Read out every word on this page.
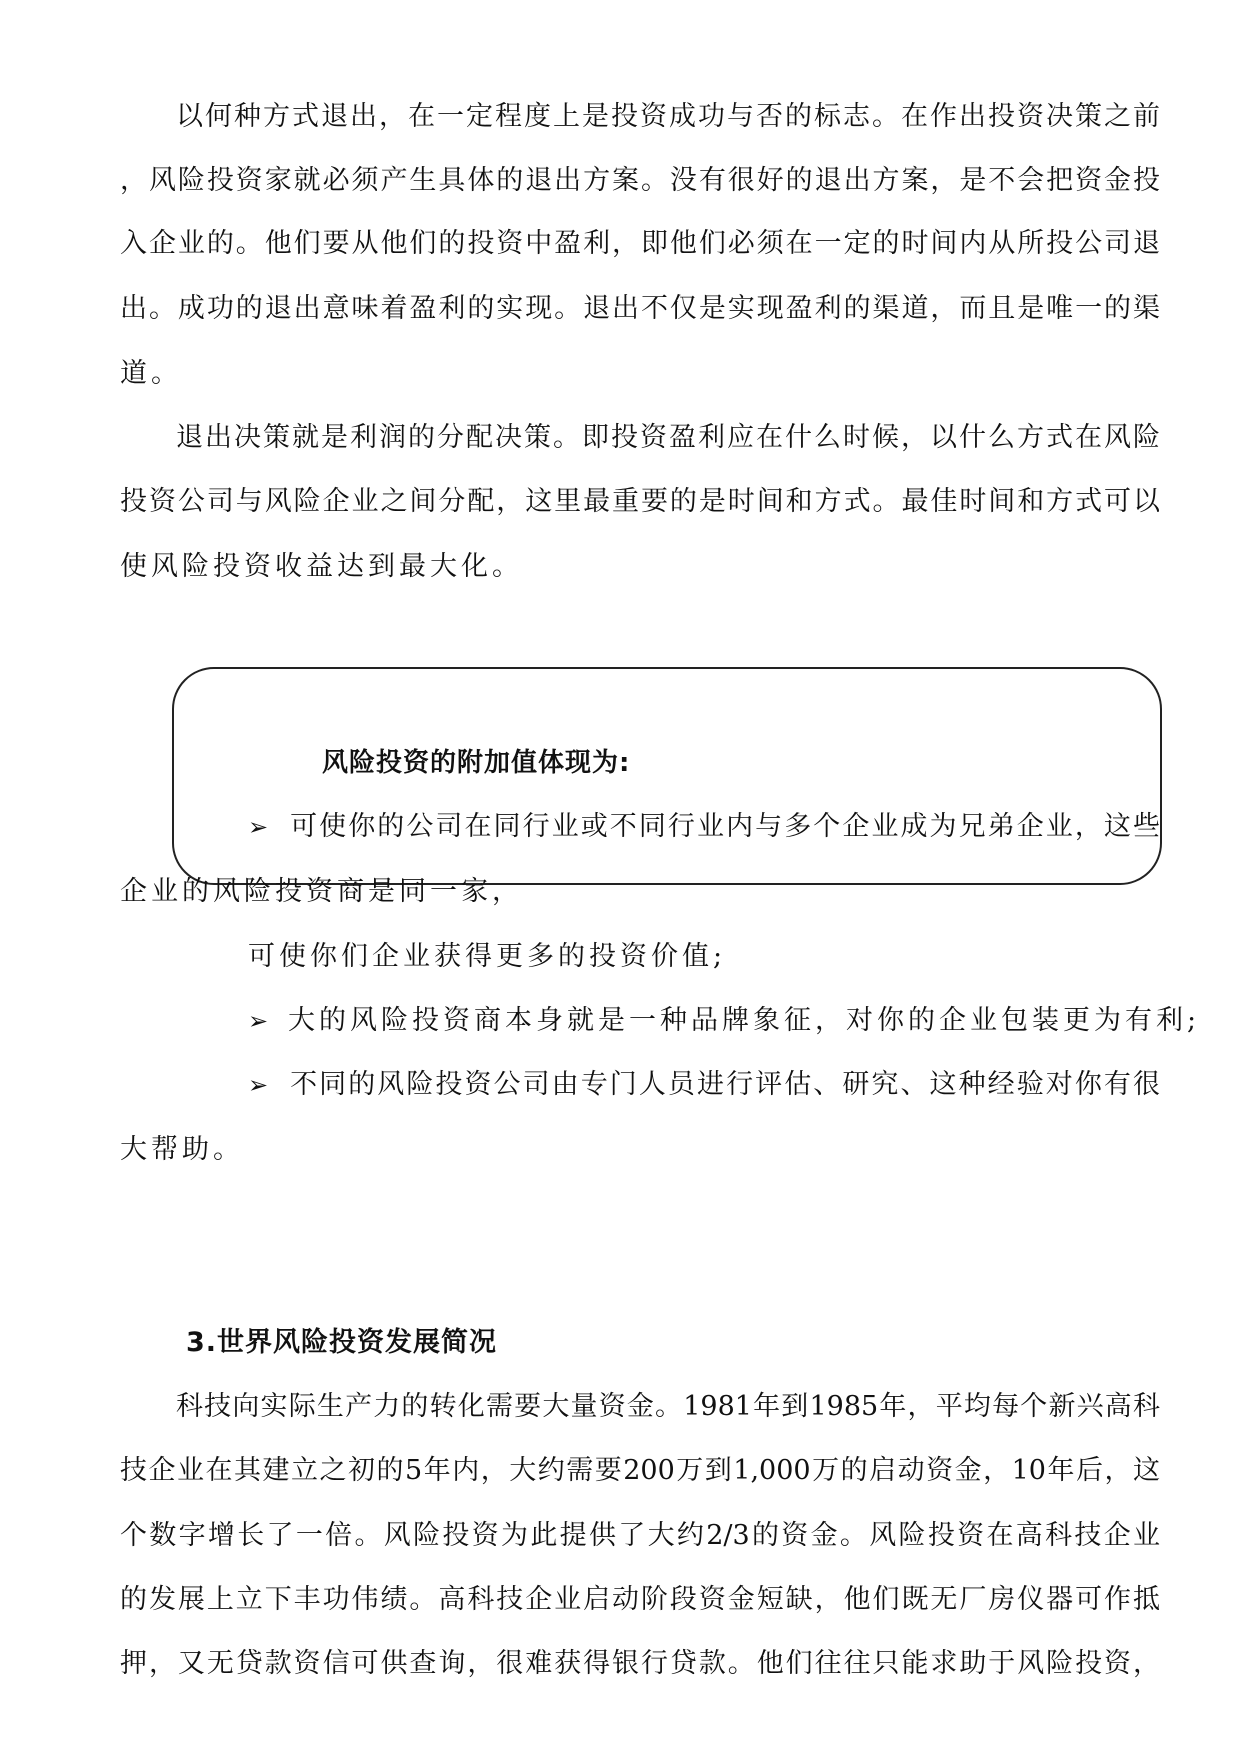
以何种方式退出，在一定程度上是投资成功与否的标志。在作出投资决策之前
，风险投资家就必须产生具体的退出方案。没有很好的退出方案，是不会把资金投
入企业的。他们要从他们的投资中盈利，即他们必须在一定的时间内从所投公司退
出。成功的退出意味着盈利的实现。退出不仅是实现盈利的渠道，而且是唯一的渠
道。
退出决策就是利润的分配决策。即投资盈利应在什么时候，以什么方式在风险
投资公司与风险企业之间分配，这里最重要的是时间和方式。最佳时间和方式可以
使风险投资收益达到最大化。
风险投资的附加值体现为:
➢ 可使你的公司在同行业或不同行业内与多个企业成为兄弟企业，这些
企业的风险投资商是同一家，
可使你们企业获得更多的投资价值;
➢ 大的风险投资商本身就是一种品牌象征，对你的企业包装更为有利;
➢ 不同的风险投资公司由专门人员进行评估、研究、这种经验对你有很
大帮助。
3.世界风险投资发展简况
科技向实际生产力的转化需要大量资金。1981年到1985年，平均每个新兴高科
技企业在其建立之初的5年内，大约需要200万到1,000万的启动资金，10年后，这
个数字增长了一倍。风险投资为此提供了大约2/3的资金。风险投资在高科技企业
的发展上立下丰功伟绩。高科技企业启动阶段资金短缺，他们既无厂房仪器可作抵
押，又无贷款资信可供查询，很难获得银行贷款。他们往往只能求助于风险投资，
